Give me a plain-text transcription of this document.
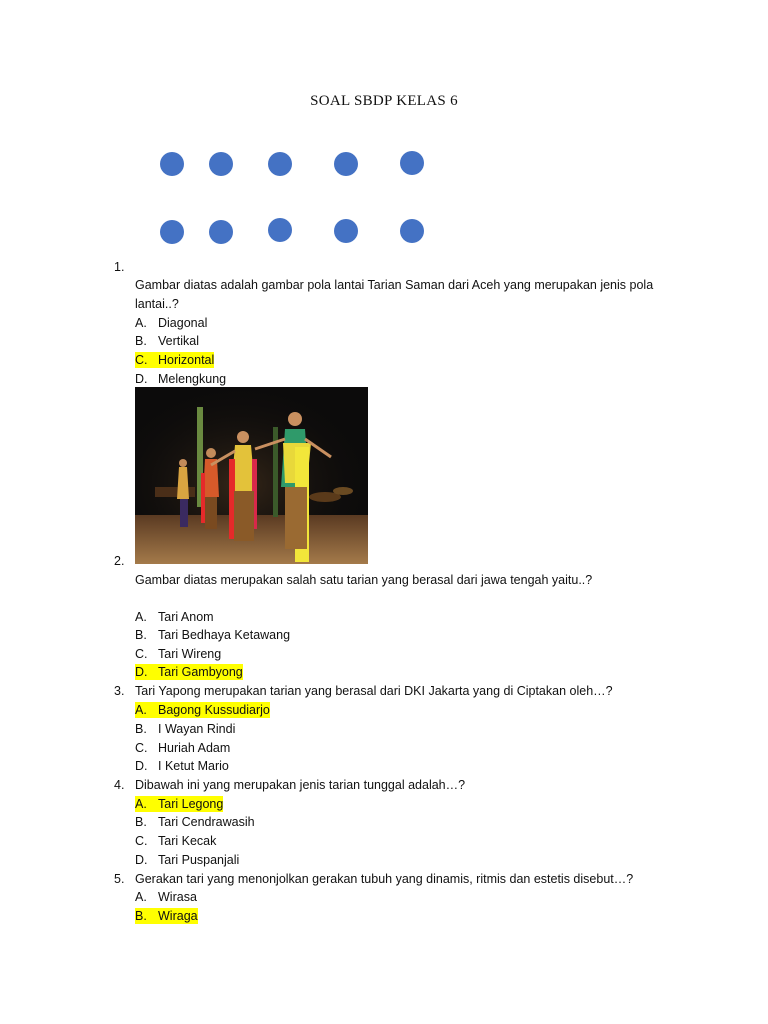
SOAL SBDP KELAS 6
1.
Gambar diatas adalah gambar pola lantai Tarian Saman dari Aceh yang merupakan jenis pola
lantai..?
A. Diagonal
B. Vertikal
C. Horizontal
D. Melengkung
2.
Gambar diatas merupakan salah satu tarian yang berasal dari jawa tengah yaitu..?
A. Tari Anom
B. Tari Bedhaya Ketawang
C. Tari Wireng
D. Tari Gambyong
3. Tari Yapong merupakan tarian yang berasal dari DKI Jakarta yang di Ciptakan oleh…?
A. Bagong Kussudiarjo
B. I Wayan Rindi
C. Huriah Adam
D. I Ketut Mario
4. Dibawah ini yang merupakan jenis tarian tunggal adalah…?
A. Tari Legong
B. Tari Cendrawasih
C. Tari Kecak
D. Tari Puspanjali
5. Gerakan tari yang menonjolkan gerakan tubuh yang dinamis, ritmis dan estetis disebut…?
A. Wirasa
B. Wiraga
